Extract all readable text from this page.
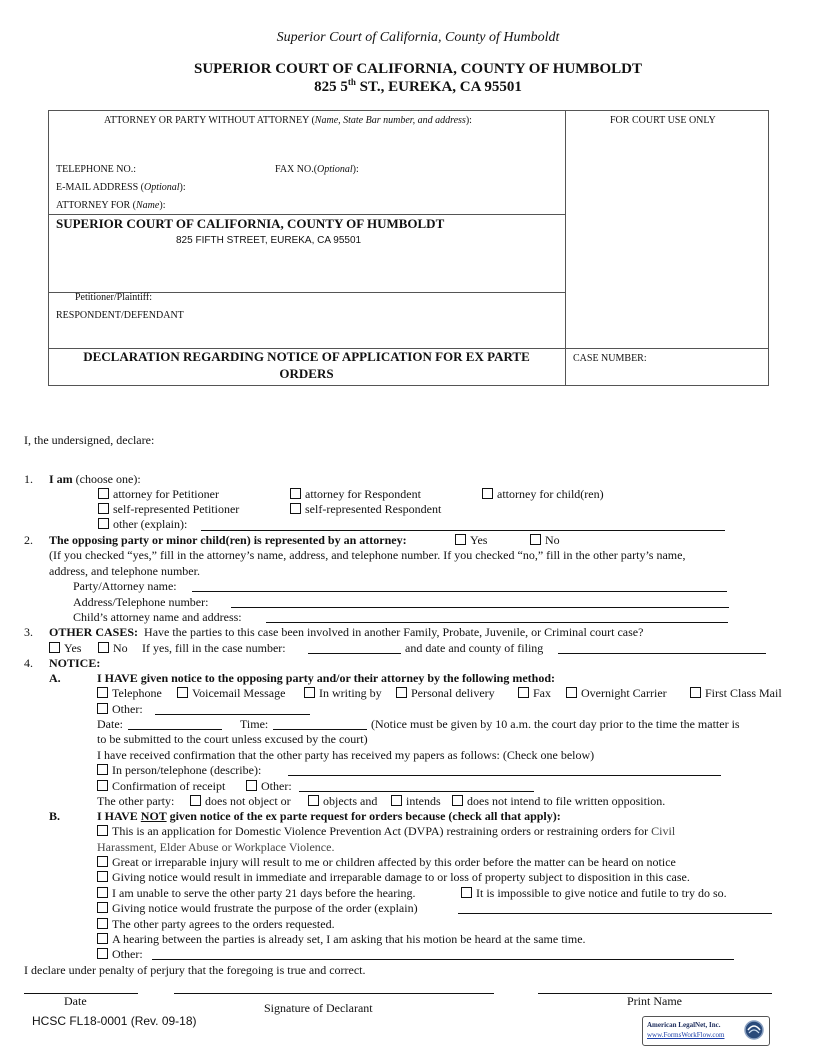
Superior Court of California, County of Humboldt
SUPERIOR COURT OF CALIFORNIA, COUNTY OF HUMBOLDT
825 5th ST., EUREKA, CA 95501
ATTORNEY OR PARTY WITHOUT ATTORNEY (Name, State Bar number, and address):	FOR COURT USE ONLY
TELEPHONE NO.:	FAX NO.(Optional):
E-MAIL ADDRESS (Optional):
ATTORNEY FOR (Name):
SUPERIOR COURT OF CALIFORNIA, COUNTY OF HUMBOLDT
825 FIFTH STREET, EUREKA, CA 95501
Petitioner/Plaintiff:
RESPONDENT/DEFENDANT
DECLARATION REGARDING NOTICE OF APPLICATION FOR EX PARTE
ORDERS
CASE NUMBER:
I, the undersigned, declare:
1. I am (choose one):
attorney for Petitioner	attorney for Respondent	attorney for child(ren)
self-represented Petitioner	self-represented Respondent
other (explain):
2. The opposing party or minor child(ren) is represented by an attorney:	Yes	No
(If you checked “yes,” fill in the attorney’s name, address, and telephone number. If you checked “no,” fill in the other party’s name,
address, and telephone number.
Party/Attorney name:
Address/Telephone number:
Child’s attorney name and address:
3. OTHER CASES: Have the parties to this case been involved in another Family, Probate, Juvenile, or Criminal court case?
Yes	No If yes, fill in the case number:	and date and county of filing
4. NOTICE:
A.	I HAVE given notice to the opposing party and/or their attorney by the following method:
Telephone	Voicemail Message	In writing by	Personal delivery	Fax	Overnight Carrier	First Class Mail
Other:
Date:	Time:	(Notice must be given by 10 a.m. the court day prior to the time the matter is
to be submitted to the court unless excused by the court)
I have received confirmation that the other party has received my papers as follows: (Check one below)
In person/telephone (describe):
Confirmation of receipt	Other:
The other party:	does not object or	objects and	intends	does not intend to file written opposition.
B.	I HAVE NOT given notice of the ex parte request for orders because (check all that apply):
This is an application for Domestic Violence Prevention Act (DVPA) restraining orders or restraining orders for Civil
Harassment, Elder Abuse or Workplace Violence.
Great or irreparable injury will result to me or children affected by this order before the matter can be heard on notice
Giving notice would result in immediate and irreparable damage to or loss of property subject to disposition in this case.
I am unable to serve the other party 21 days before the hearing.	It is impossible to give notice and futile to try do so.
Giving notice would frustrate the purpose of the order (explain)
The other party agrees to the orders requested.
A hearing between the parties is already set, I am asking that his motion be heard at the same time.
Other:
I declare under penalty of perjury that the foregoing is true and correct.
Date	Signature of Declarant	Print Name
HCSC FL18-0001 (Rev. 09-18)	American LegalNet, Inc.
www.FormsWorkFlow.com
